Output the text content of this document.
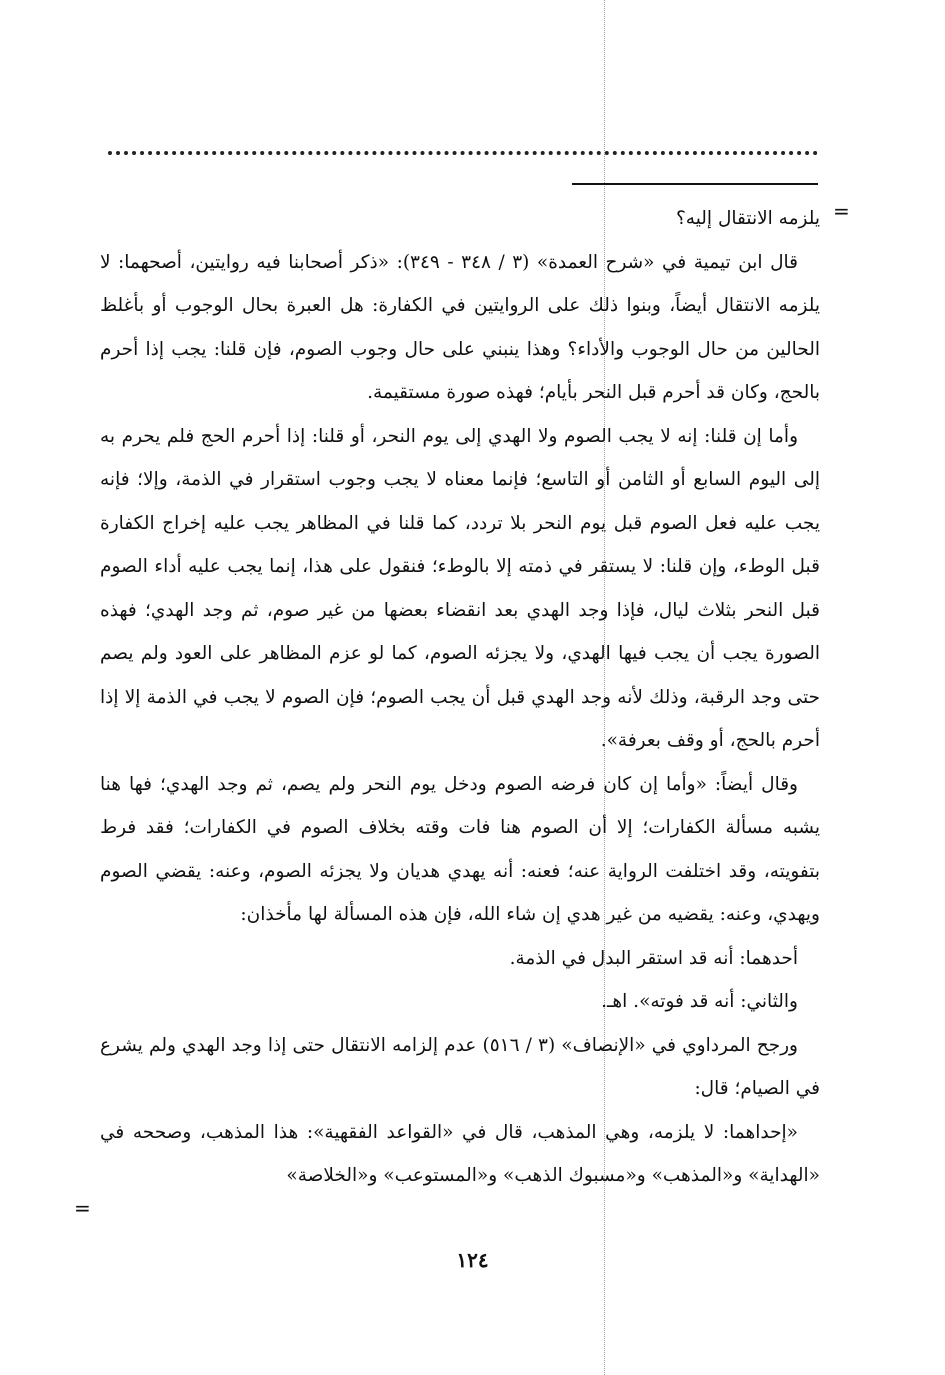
=

يلزمه الانتقال إليه؟

قال ابن تيمية في «شرح العمدة» (٣ / ٣٤٨ - ٣٤٩): «ذكر أصحابنا فيه روايتين، أصحهما: لا يلزمه الانتقال أيضاً، وبنوا ذلك على الروايتين في الكفارة: هل العبرة بحال الوجوب أو بأغلظ الحالين من حال الوجوب والأداء؟ وهذا ينبني على حال وجوب الصوم، فإن قلنا: يجب إذا أحرم بالحج، وكان قد أحرم قبل النحر بأيام؛ فهذه صورة مستقيمة.

وأما إن قلنا: إنه لا يجب الصوم ولا الهدي إلى يوم النحر، أو قلنا: إذا أحرم الحج فلم يحرم به إلى اليوم السابع أو الثامن أو التاسع؛ فإنما معناه لا يجب وجوب استقرار في الذمة، وإلا؛ فإنه يجب عليه فعل الصوم قبل يوم النحر بلا تردد، كما قلنا في المظاهر يجب عليه إخراج الكفارة قبل الوطء، وإن قلنا: لا يستقر في ذمته إلا بالوطء؛ فنقول على هذا، إنما يجب عليه أداء الصوم قبل النحر بثلاث ليال، فإذا وجد الهدي بعد انقضاء بعضها من غير صوم، ثم وجد الهدي؛ فهذه الصورة يجب أن يجب فيها الهدي، ولا يجزئه الصوم، كما لو عزم المظاهر على العود ولم يصم حتى وجد الرقبة، وذلك لأنه وجد الهدي قبل أن يجب الصوم؛ فإن الصوم لا يجب في الذمة إلا إذا أحرم بالحج، أو وقف بعرفة».

وقال أيضاً: «وأما إن كان فرضه الصوم ودخل يوم النحر ولم يصم، ثم وجد الهدي؛ فها هنا يشبه مسألة الكفارات؛ إلا أن الصوم هنا فات وقته بخلاف الصوم في الكفارات؛ فقد فرط بتفويته، وقد اختلفت الرواية عنه؛ فعنه: أنه يهدي هديان ولا يجزئه الصوم، وعنه: يقضي الصوم ويهدي، وعنه: يقضيه من غير هدي إن شاء الله، فإن هذه المسألة لها مأخذان:

أحدهما: أنه قد استقر البدل في الذمة.

والثاني: أنه قد فوته». اهـ.

ورجح المرداوي في «الإنصاف» (٣ / ٥١٦) عدم إلزامه الانتقال حتى إذا وجد الهدي ولم يشرع في الصيام؛ قال:

«إحداهما: لا يلزمه، وهي المذهب، قال في «القواعد الفقهية»: هذا المذهب، وصححه في «الهداية» و«المذهب» و«مسبوك الذهب» و«المستوعب» و«الخلاصة»

=
١٢٤
